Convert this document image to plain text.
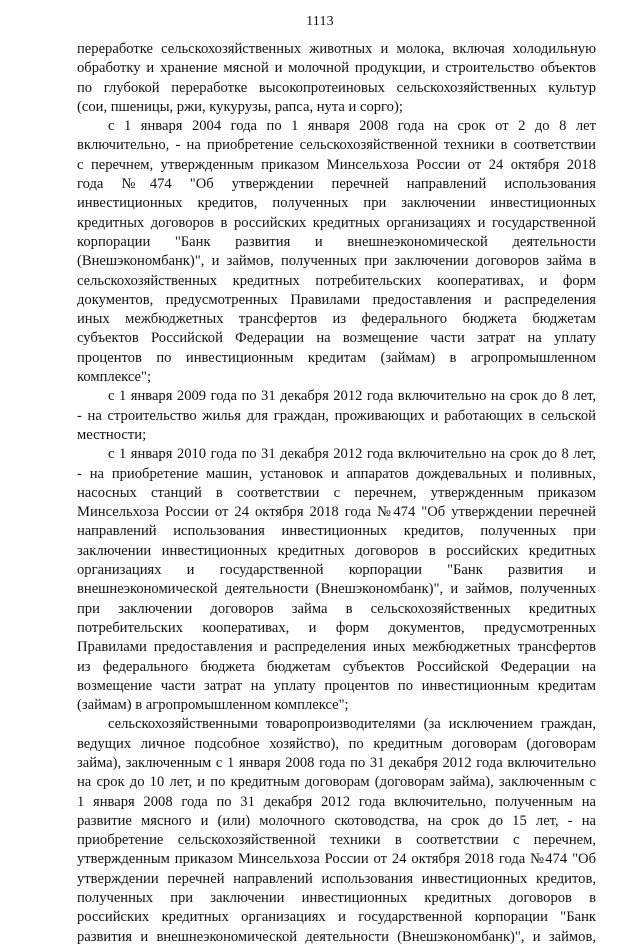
1113
переработке сельскохозяйственных животных и молока, включая холодильную
обработку и хранение мясной и молочной продукции, и строительство объектов
по глубокой переработке высокопротеиновых сельскохозяйственных культур
(сои, пшеницы, ржи, кукурузы, рапса, нута и сорго);
с 1 января 2004 года по 1 января 2008 года на срок от 2 до 8 лет
включительно, - на приобретение сельскохозяйственной техники в соответствии
с перечнем, утвержденным приказом Минсельхоза России от 24 октября 2018
года №474 "Об утверждении перечней направлений использования
инвестиционных кредитов, полученных при заключении инвестиционных
кредитных договоров в российских кредитных организациях и государственной
корпорации "Банк развития и внешнеэкономической деятельности
(Внешэкономбанк)", и займов, полученных при заключении договоров займа в
сельскохозяйственных кредитных потребительских кооперативах, и форм
документов, предусмотренных Правилами предоставления и распределения
иных межбюджетных трансфертов из федерального бюджета бюджетам
субъектов Российской Федерации на возмещение части затрат на уплату
процентов по инвестиционным кредитам (займам) в агропромышленном
комплексе";
с 1 января 2009 года по 31 декабря 2012 года включительно на срок до 8 лет,
- на строительство жилья для граждан, проживающих и работающих в сельской
местности;
с 1 января 2010 года по 31 декабря 2012 года включительно на срок до 8 лет,
- на приобретение машин, установок и аппаратов дождевальных и поливных,
насосных станций в соответствии с перечнем, утвержденным приказом
Минсельхоза России от 24 октября 2018 года №474 "Об утверждении перечней
направлений использования инвестиционных кредитов, полученных при
заключении инвестиционных кредитных договоров в российских кредитных
организациях и государственной корпорации "Банк развития и
внешнеэкономической деятельности (Внешэкономбанк)", и займов, полученных
при заключении договоров займа в сельскохозяйственных кредитных
потребительских кооперативах, и форм документов, предусмотренных
Правилами предоставления и распределения иных межбюджетных трансфертов
из федерального бюджета бюджетам субъектов Российской Федерации на
возмещение части затрат на уплату процентов по инвестиционным кредитам
(займам) в агропромышленном комплексе";
сельскохозяйственными товаропроизводителями (за исключением граждан,
ведущих личное подсобное хозяйство), по кредитным договорам (договорам
займа), заключенным с 1 января 2008 года по 31 декабря 2012 года включительно
на срок до 10 лет, и по кредитным договорам (договорам займа), заключенным с
1 января 2008 года по 31 декабря 2012 года включительно, полученным на
развитие мясного и (или) молочного скотоводства, на срок до 15 лет, - на
приобретение сельскохозяйственной техники в соответствии с перечнем,
утвержденным приказом Минсельхоза России от 24 октября 2018 года №474 "Об
утверждении перечней направлений использования инвестиционных кредитов,
полученных при заключении инвестиционных кредитных договоров в
российских кредитных организациях и государственной корпорации "Банк
развития и внешнеэкономической деятельности (Внешэкономбанк)", и займов,
